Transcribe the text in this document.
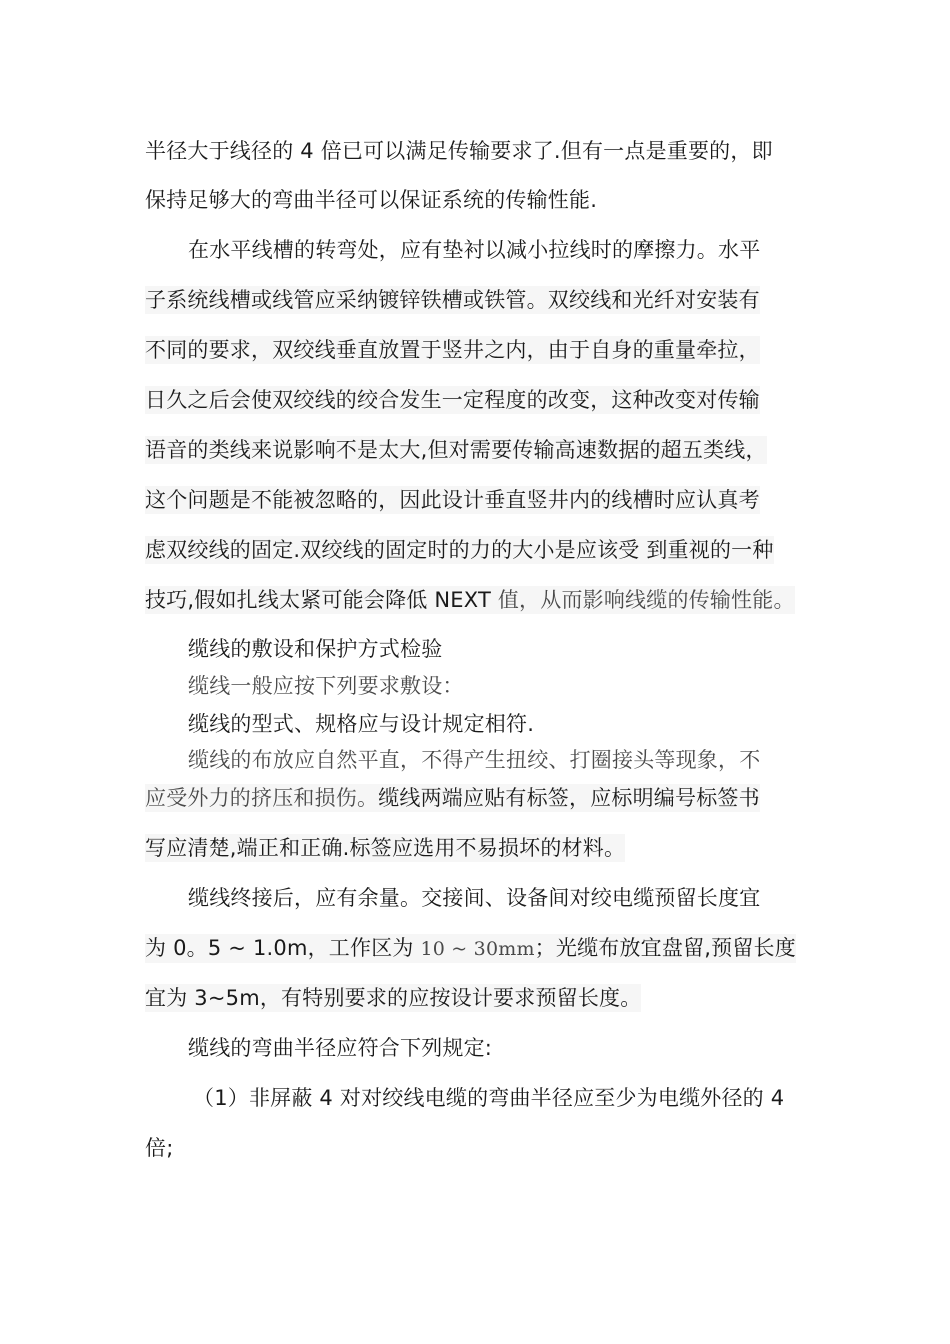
半径大于线径的 4 倍已可以满足传输要求了.但有一点是重要的，即
保持足够大的弯曲半径可以保证系统的传输性能.
在水平线槽的转弯处，应有垫衬以减小拉线时的摩擦力。水平
子系统线槽或线管应采纳镀锌铁槽或铁管。双绞线和光纤对安装有
不同的要求，双绞线垂直放置于竖井之内，由于自身的重量牵拉，
日久之后会使双绞线的绞合发生一定程度的改变，这种改变对传输
语音的类线来说影响不是太大,但对需要传输高速数据的超五类线，
这个问题是不能被忽略的，因此设计垂直竖井内的线槽时应认真考
虑双绞线的固定.双绞线的固定时的力的大小是应该受 到重视的一种
技巧,假如扎线太紧可能会降低 NEXT 值，从而影响线缆的传输性能。
缆线的敷设和保护方式检验
缆线一般应按下列要求敷设：
缆线的型式、规格应与设计规定相符.
缆线的布放应自然平直，不得产生扭绞、打圈接头等现象，不
应受外力的挤压和损伤。缆线两端应贴有标签，应标明编号标签书
写应清楚,端正和正确.标签应选用不易损坏的材料。
缆线终接后，应有余量。交接间、设备间对绞电缆预留长度宜
为 0。5 ~ 1.0m，工作区为 10 ~ 30mm；光缆布放宜盘留,预留长度
宜为 3~5m，有特别要求的应按设计要求预留长度。
缆线的弯曲半径应符合下列规定:
（1）非屏蔽 4 对对绞线电缆的弯曲半径应至少为电缆外径的 4
倍;
